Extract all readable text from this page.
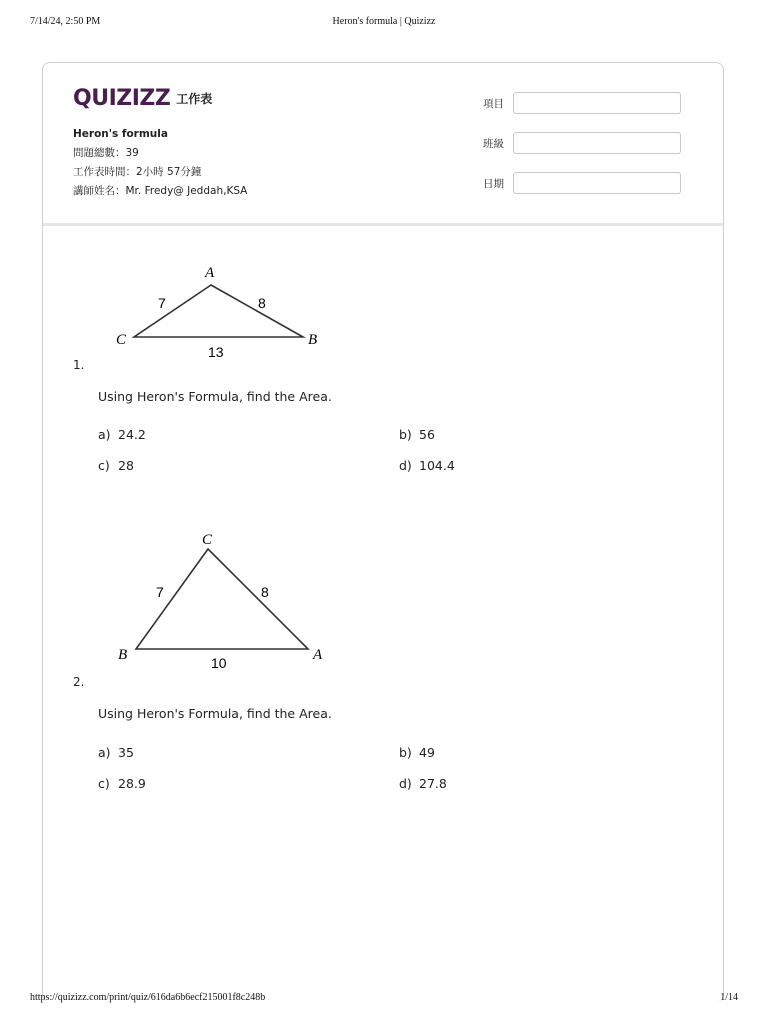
7/14/24, 2:50 PM	Heron's formula | Quizizz
QUIZIZZ 工作表
Heron's formula
問題總數：39
工作表時間：2小時 57分鐘
講師姓名：Mr. Fredy@ Jeddah,KSA
項目
班級
日期
A
B
C
7	8
13
1.
Using Heron's Formula, find the Area.
a) 24.2	b) 56
c) 28	d) 104.4
C
B	A
7	8
10
2.
Using Heron's Formula, find the Area.
a) 35	b) 49
c) 28.9	d) 27.8
https://quizizz.com/print/quiz/616da6b6ecf215001f8c248b	1/14
